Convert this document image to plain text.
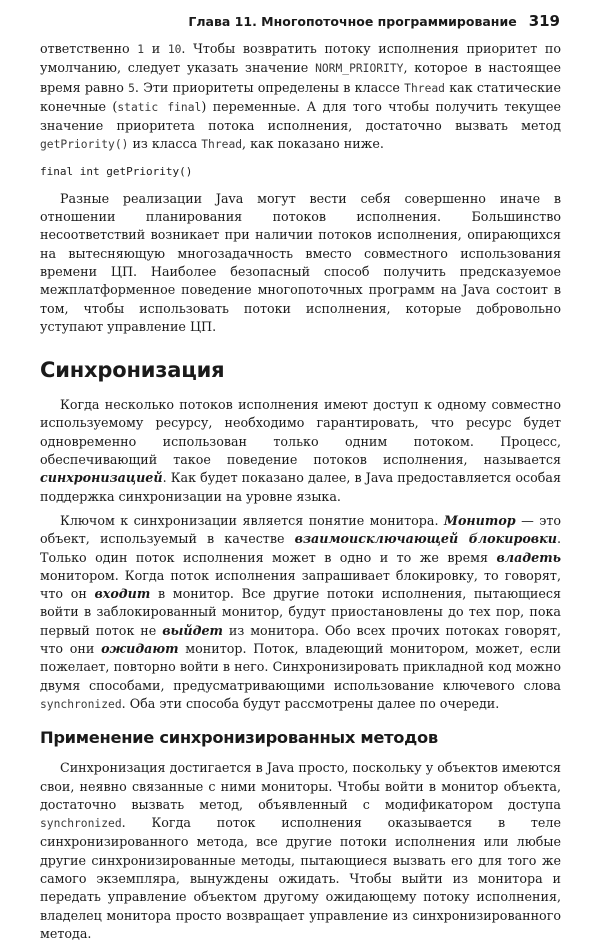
Глава 11. Многопоточное программирование 319

ответственно 1 и 10. Чтобы возвратить потоку исполнения приоритет по умолчанию, следует указать значение NORM_PRIORITY, которое в настоящее время равно 5. Эти приоритеты определены в классе Thread как статические конечные (static final) переменные. А для того чтобы получить текущее значение приоритета потока исполнения, достаточно вызвать метод getPriority() из класса Thread, как показано ниже.

final int getPriority()

Разные реализации Java могут вести себя совершенно иначе в отношении планирования потоков исполнения. Большинство несоответствий возникает при наличии потоков исполнения, опирающихся на вытесняющую многозадачность вместо совместного использования времени ЦП. Наиболее безопасный способ получить предсказуемое межплатформенное поведение многопоточных программ на Java состоит в том, чтобы использовать потоки исполнения, которые добровольно уступают управление ЦП.

Синхронизация

Когда несколько потоков исполнения имеют доступ к одному совместно используемому ресурсу, необходимо гарантировать, что ресурс будет одновременно использован только одним потоком. Процесс, обеспечивающий такое поведение потоков исполнения, называется синхронизацией. Как будет показано далее, в Java предоставляется особая поддержка синхронизации на уровне языка.

Ключом к синхронизации является понятие монитора. Монитор — это объект, используемый в качестве взаимоисключающей блокировки. Только один поток исполнения может в одно и то же время владеть монитором. Когда поток исполнения запрашивает блокировку, то говорят, что он входит в монитор. Все другие потоки исполнения, пытающиеся войти в заблокированный монитор, будут приостановлены до тех пор, пока первый поток не выйдет из монитора. Обо всех прочих потоках говорят, что они ожидают монитор. Поток, владеющий монитором, может, если пожелает, повторно войти в него. Синхронизировать прикладной код можно двумя способами, предусматривающими использование ключевого слова synchronized. Оба эти способа будут рассмотрены далее по очереди.

Применение синхронизированных методов

Синхронизация достигается в Java просто, поскольку у объектов имеются свои, неявно связанные с ними мониторы. Чтобы войти в монитор объекта, достаточно вызвать метод, объявленный с модификатором доступа synchronized. Когда поток исполнения оказывается в теле синхронизированного метода, все другие потоки исполнения или любые другие синхронизированные методы, пытающиеся вызвать его для того же самого экземпляра, вынуждены ожидать. Чтобы выйти из монитора и передать управление объектом другому ожидающему потоку исполнения, владелец монитора просто возвращает управление из синхронизированного метода.
